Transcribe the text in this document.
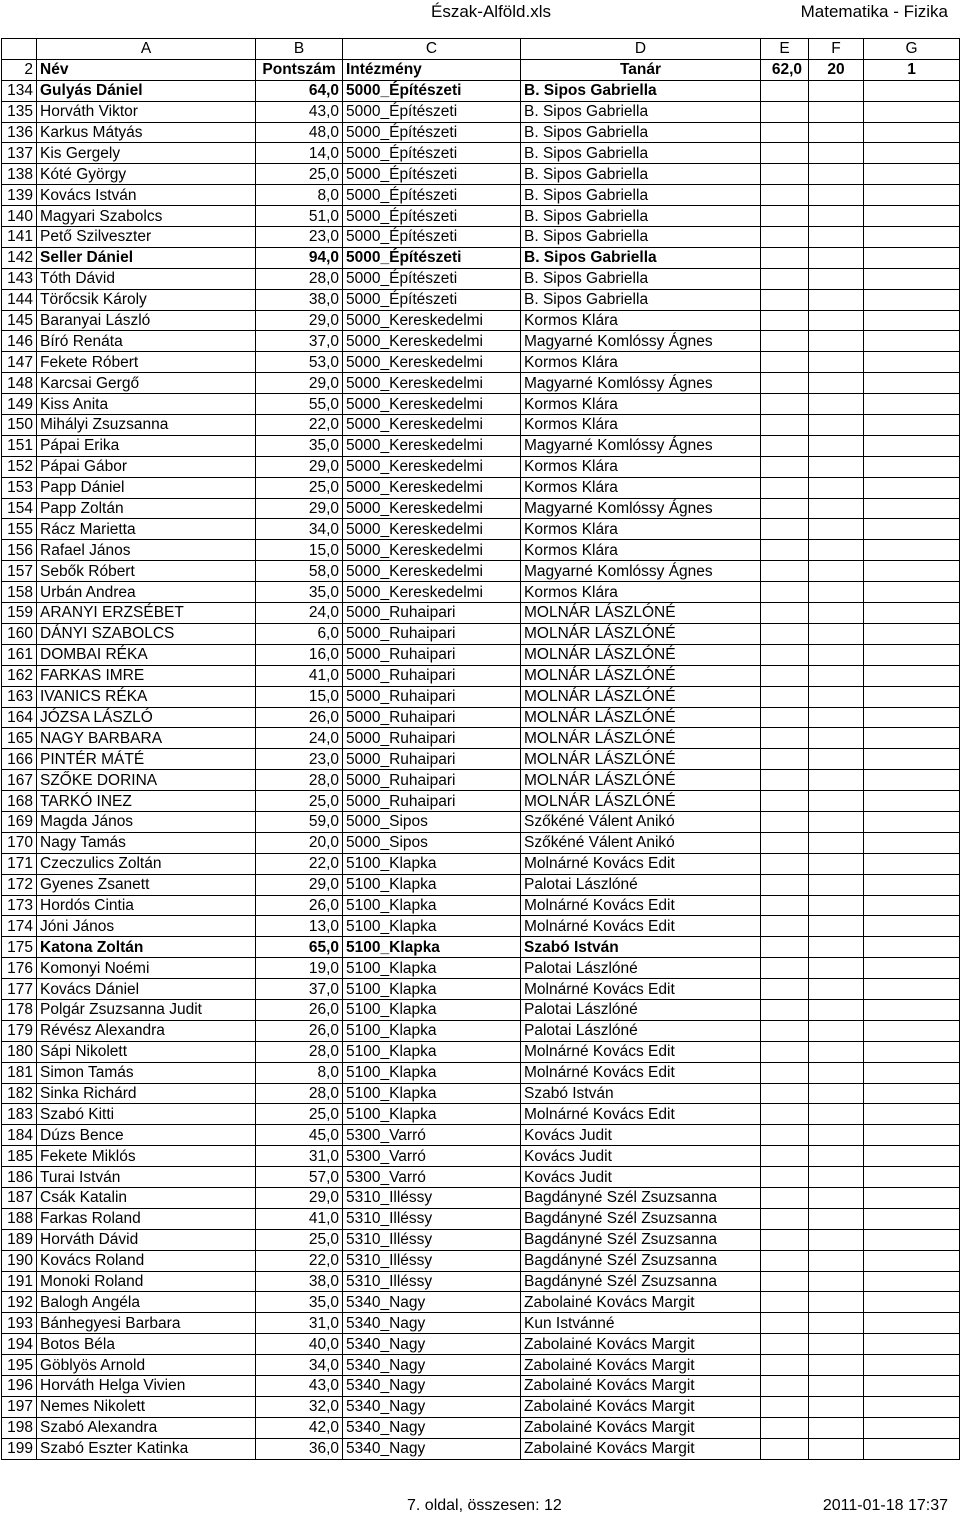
Észak-Alföld.xls	Matematika - Fizika
	A	B	C	D	E	F	G
2	Név	Pontszám	Intézmény	Tanár	62,0	20	1
134	Gulyás Dániel	64,0	5000_Építészeti	B. Sipos Gabriella			
135	Horváth Viktor	43,0	5000_Építészeti	B. Sipos Gabriella			
136	Karkus Mátyás	48,0	5000_Építészeti	B. Sipos Gabriella			
137	Kis Gergely	14,0	5000_Építészeti	B. Sipos Gabriella			
138	Kóté György	25,0	5000_Építészeti	B. Sipos Gabriella			
139	Kovács István	8,0	5000_Építészeti	B. Sipos Gabriella			
140	Magyari Szabolcs	51,0	5000_Építészeti	B. Sipos Gabriella			
141	Pető Szilveszter	23,0	5000_Építészeti	B. Sipos Gabriella			
142	Seller Dániel	94,0	5000_Építészeti	B. Sipos Gabriella			
143	Tóth Dávid	28,0	5000_Építészeti	B. Sipos Gabriella			
144	Törőcsik Károly	38,0	5000_Építészeti	B. Sipos Gabriella			
145	Baranyai László	29,0	5000_Kereskedelmi	Kormos Klára			
146	Bíró Renáta	37,0	5000_Kereskedelmi	Magyarné Komlóssy Ágnes			
147	Fekete Róbert	53,0	5000_Kereskedelmi	Kormos Klára			
148	Karcsai Gergő	29,0	5000_Kereskedelmi	Magyarné Komlóssy Ágnes			
149	Kiss Anita	55,0	5000_Kereskedelmi	Kormos Klára			
150	Mihályi Zsuzsanna	22,0	5000_Kereskedelmi	Kormos Klára			
151	Pápai Erika	35,0	5000_Kereskedelmi	Magyarné Komlóssy Ágnes			
152	Pápai Gábor	29,0	5000_Kereskedelmi	Kormos Klára			
153	Papp Dániel	25,0	5000_Kereskedelmi	Kormos Klára			
154	Papp Zoltán	29,0	5000_Kereskedelmi	Magyarné Komlóssy Ágnes			
155	Rácz Marietta	34,0	5000_Kereskedelmi	Kormos Klára			
156	Rafael János	15,0	5000_Kereskedelmi	Kormos Klára			
157	Sebők Róbert	58,0	5000_Kereskedelmi	Magyarné Komlóssy Ágnes			
158	Urbán Andrea	35,0	5000_Kereskedelmi	Kormos Klára			
159	ARANYI ERZSÉBET	24,0	5000_Ruhaipari	MOLNÁR LÁSZLÓNÉ			
160	DÁNYI SZABOLCS	6,0	5000_Ruhaipari	MOLNÁR LÁSZLÓNÉ			
161	DOMBAI RÉKA	16,0	5000_Ruhaipari	MOLNÁR LÁSZLÓNÉ			
162	FARKAS IMRE	41,0	5000_Ruhaipari	MOLNÁR LÁSZLÓNÉ			
163	IVANICS RÉKA	15,0	5000_Ruhaipari	MOLNÁR LÁSZLÓNÉ			
164	JÓZSA LÁSZLÓ	26,0	5000_Ruhaipari	MOLNÁR LÁSZLÓNÉ			
165	NAGY BARBARA	24,0	5000_Ruhaipari	MOLNÁR LÁSZLÓNÉ			
166	PINTÉR MÁTÉ	23,0	5000_Ruhaipari	MOLNÁR LÁSZLÓNÉ			
167	SZŐKE DORINA	28,0	5000_Ruhaipari	MOLNÁR LÁSZLÓNÉ			
168	TARKÓ INEZ	25,0	5000_Ruhaipari	MOLNÁR LÁSZLÓNÉ			
169	Magda János	59,0	5000_Sipos	Szőkéné Válent Anikó			
170	Nagy Tamás	20,0	5000_Sipos	Szőkéné Válent Anikó			
171	Czeczulics Zoltán	22,0	5100_Klapka	Molnárné Kovács Edit			
172	Gyenes Zsanett	29,0	5100_Klapka	Palotai Lászlóné			
173	Hordós Cintia	26,0	5100_Klapka	Molnárné Kovács Edit			
174	Jóni János	13,0	5100_Klapka	Molnárné Kovács Edit			
175	Katona Zoltán	65,0	5100_Klapka	Szabó István			
176	Komonyi Noémi	19,0	5100_Klapka	Palotai Lászlóné			
177	Kovács Dániel	37,0	5100_Klapka	Molnárné Kovács Edit			
178	Polgár Zsuzsanna Judit	26,0	5100_Klapka	Palotai Lászlóné			
179	Révész Alexandra	26,0	5100_Klapka	Palotai Lászlóné			
180	Sápi Nikolett	28,0	5100_Klapka	Molnárné Kovács Edit			
181	Simon Tamás	8,0	5100_Klapka	Molnárné Kovács Edit			
182	Sinka Richárd	28,0	5100_Klapka	Szabó István			
183	Szabó Kitti	25,0	5100_Klapka	Molnárné Kovács Edit			
184	Dúzs Bence	45,0	5300_Varró	Kovács Judit			
185	Fekete Miklós	31,0	5300_Varró	Kovács Judit			
186	Turai István	57,0	5300_Varró	Kovács Judit			
187	Csák Katalin	29,0	5310_Illéssy	Bagdányné Szél Zsuzsanna			
188	Farkas Roland	41,0	5310_Illéssy	Bagdányné Szél Zsuzsanna			
189	Horváth Dávid	25,0	5310_Illéssy	Bagdányné Szél Zsuzsanna			
190	Kovács Roland	22,0	5310_Illéssy	Bagdányné Szél Zsuzsanna			
191	Monoki Roland	38,0	5310_Illéssy	Bagdányné Szél Zsuzsanna			
192	Balogh Angéla	35,0	5340_Nagy	Zabolainé Kovács Margit			
193	Bánhegyesi Barbara	31,0	5340_Nagy	Kun Istvánné			
194	Botos Béla	40,0	5340_Nagy	Zabolainé Kovács Margit			
195	Göblyös Arnold	34,0	5340_Nagy	Zabolainé Kovács Margit			
196	Horváth Helga Vivien	43,0	5340_Nagy	Zabolainé Kovács Margit			
197	Nemes Nikolett	32,0	5340_Nagy	Zabolainé Kovács Margit			
198	Szabó Alexandra	42,0	5340_Nagy	Zabolainé Kovács Margit			
199	Szabó Eszter Katinka	36,0	5340_Nagy	Zabolainé Kovács Margit			
7. oldal, összesen: 12	2011-01-18 17:37
